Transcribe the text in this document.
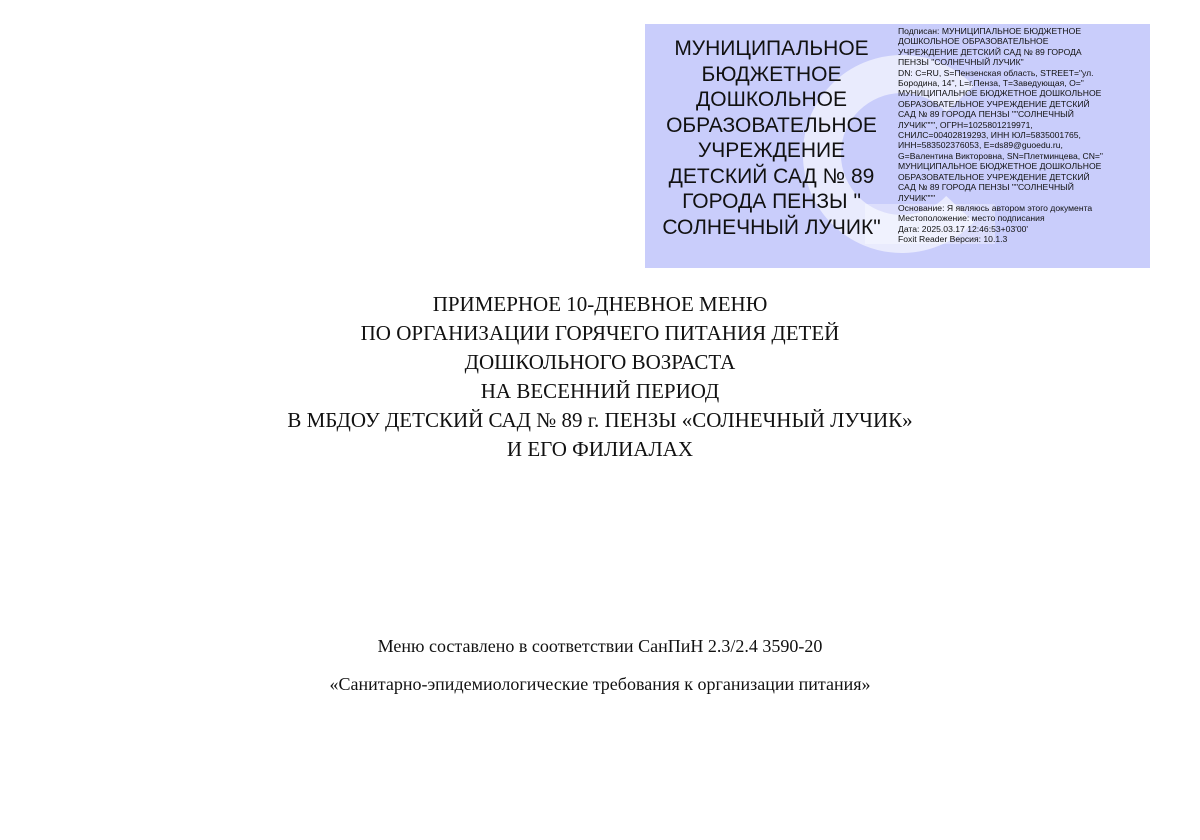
МУНИЦИПАЛЬНОЕ
БЮДЖЕТНОЕ
ДОШКОЛЬНОЕ
ОБРАЗОВАТЕЛЬНОЕ
УЧРЕЖДЕНИЕ
ДЕТСКИЙ САД № 89
ГОРОДА ПЕНЗЫ "
СОЛНЕЧНЫЙ ЛУЧИК"
Подписан: МУНИЦИПАЛЬНОЕ БЮДЖЕТНОЕ
ДОШКОЛЬНОЕ ОБРАЗОВАТЕЛЬНОЕ
УЧРЕЖДЕНИЕ ДЕТСКИЙ САД № 89 ГОРОДА
ПЕНЗЫ "СОЛНЕЧНЫЙ ЛУЧИК"
DN: C=RU, S=Пензенская область, STREET="ул.
Бородина, 14", L=г.Пенза, T=Заведующая, O="
МУНИЦИПАЛЬНОЕ БЮДЖЕТНОЕ ДОШКОЛЬНОЕ
ОБРАЗОВАТЕЛЬНОЕ УЧРЕЖДЕНИЕ ДЕТСКИЙ
САД № 89 ГОРОДА ПЕНЗЫ ""СОЛНЕЧНЫЙ
ЛУЧИК""", ОГРН=1025801219971,
СНИЛС=00402819293, ИНН ЮЛ=5835001765,
ИНН=583502376053, E=ds89@guoedu.ru,
G=Валентина Викторовна, SN=Плетминцева, CN="
МУНИЦИПАЛЬНОЕ БЮДЖЕТНОЕ ДОШКОЛЬНОЕ
ОБРАЗОВАТЕЛЬНОЕ УЧРЕЖДЕНИЕ ДЕТСКИЙ
САД № 89 ГОРОДА ПЕНЗЫ ""СОЛНЕЧНЫЙ
ЛУЧИК"""
Основание: Я являюсь автором этого документа
Местоположение: место подписания
Дата: 2025.03.17 12:46:53+03'00'
Foxit Reader Версия: 10.1.3
ПРИМЕРНОЕ 10-ДНЕВНОЕ МЕНЮ
ПО ОРГАНИЗАЦИИ ГОРЯЧЕГО ПИТАНИЯ ДЕТЕЙ
ДОШКОЛЬНОГО ВОЗРАСТА
НА ВЕСЕННИЙ ПЕРИОД
В МБДОУ ДЕТСКИЙ САД № 89 г. ПЕНЗЫ «СОЛНЕЧНЫЙ ЛУЧИК»
И ЕГО ФИЛИАЛАХ
Меню составлено в соответствии СанПиН 2.3/2.4 3590-20
«Санитарно-эпидемиологические требования к организации питания»
